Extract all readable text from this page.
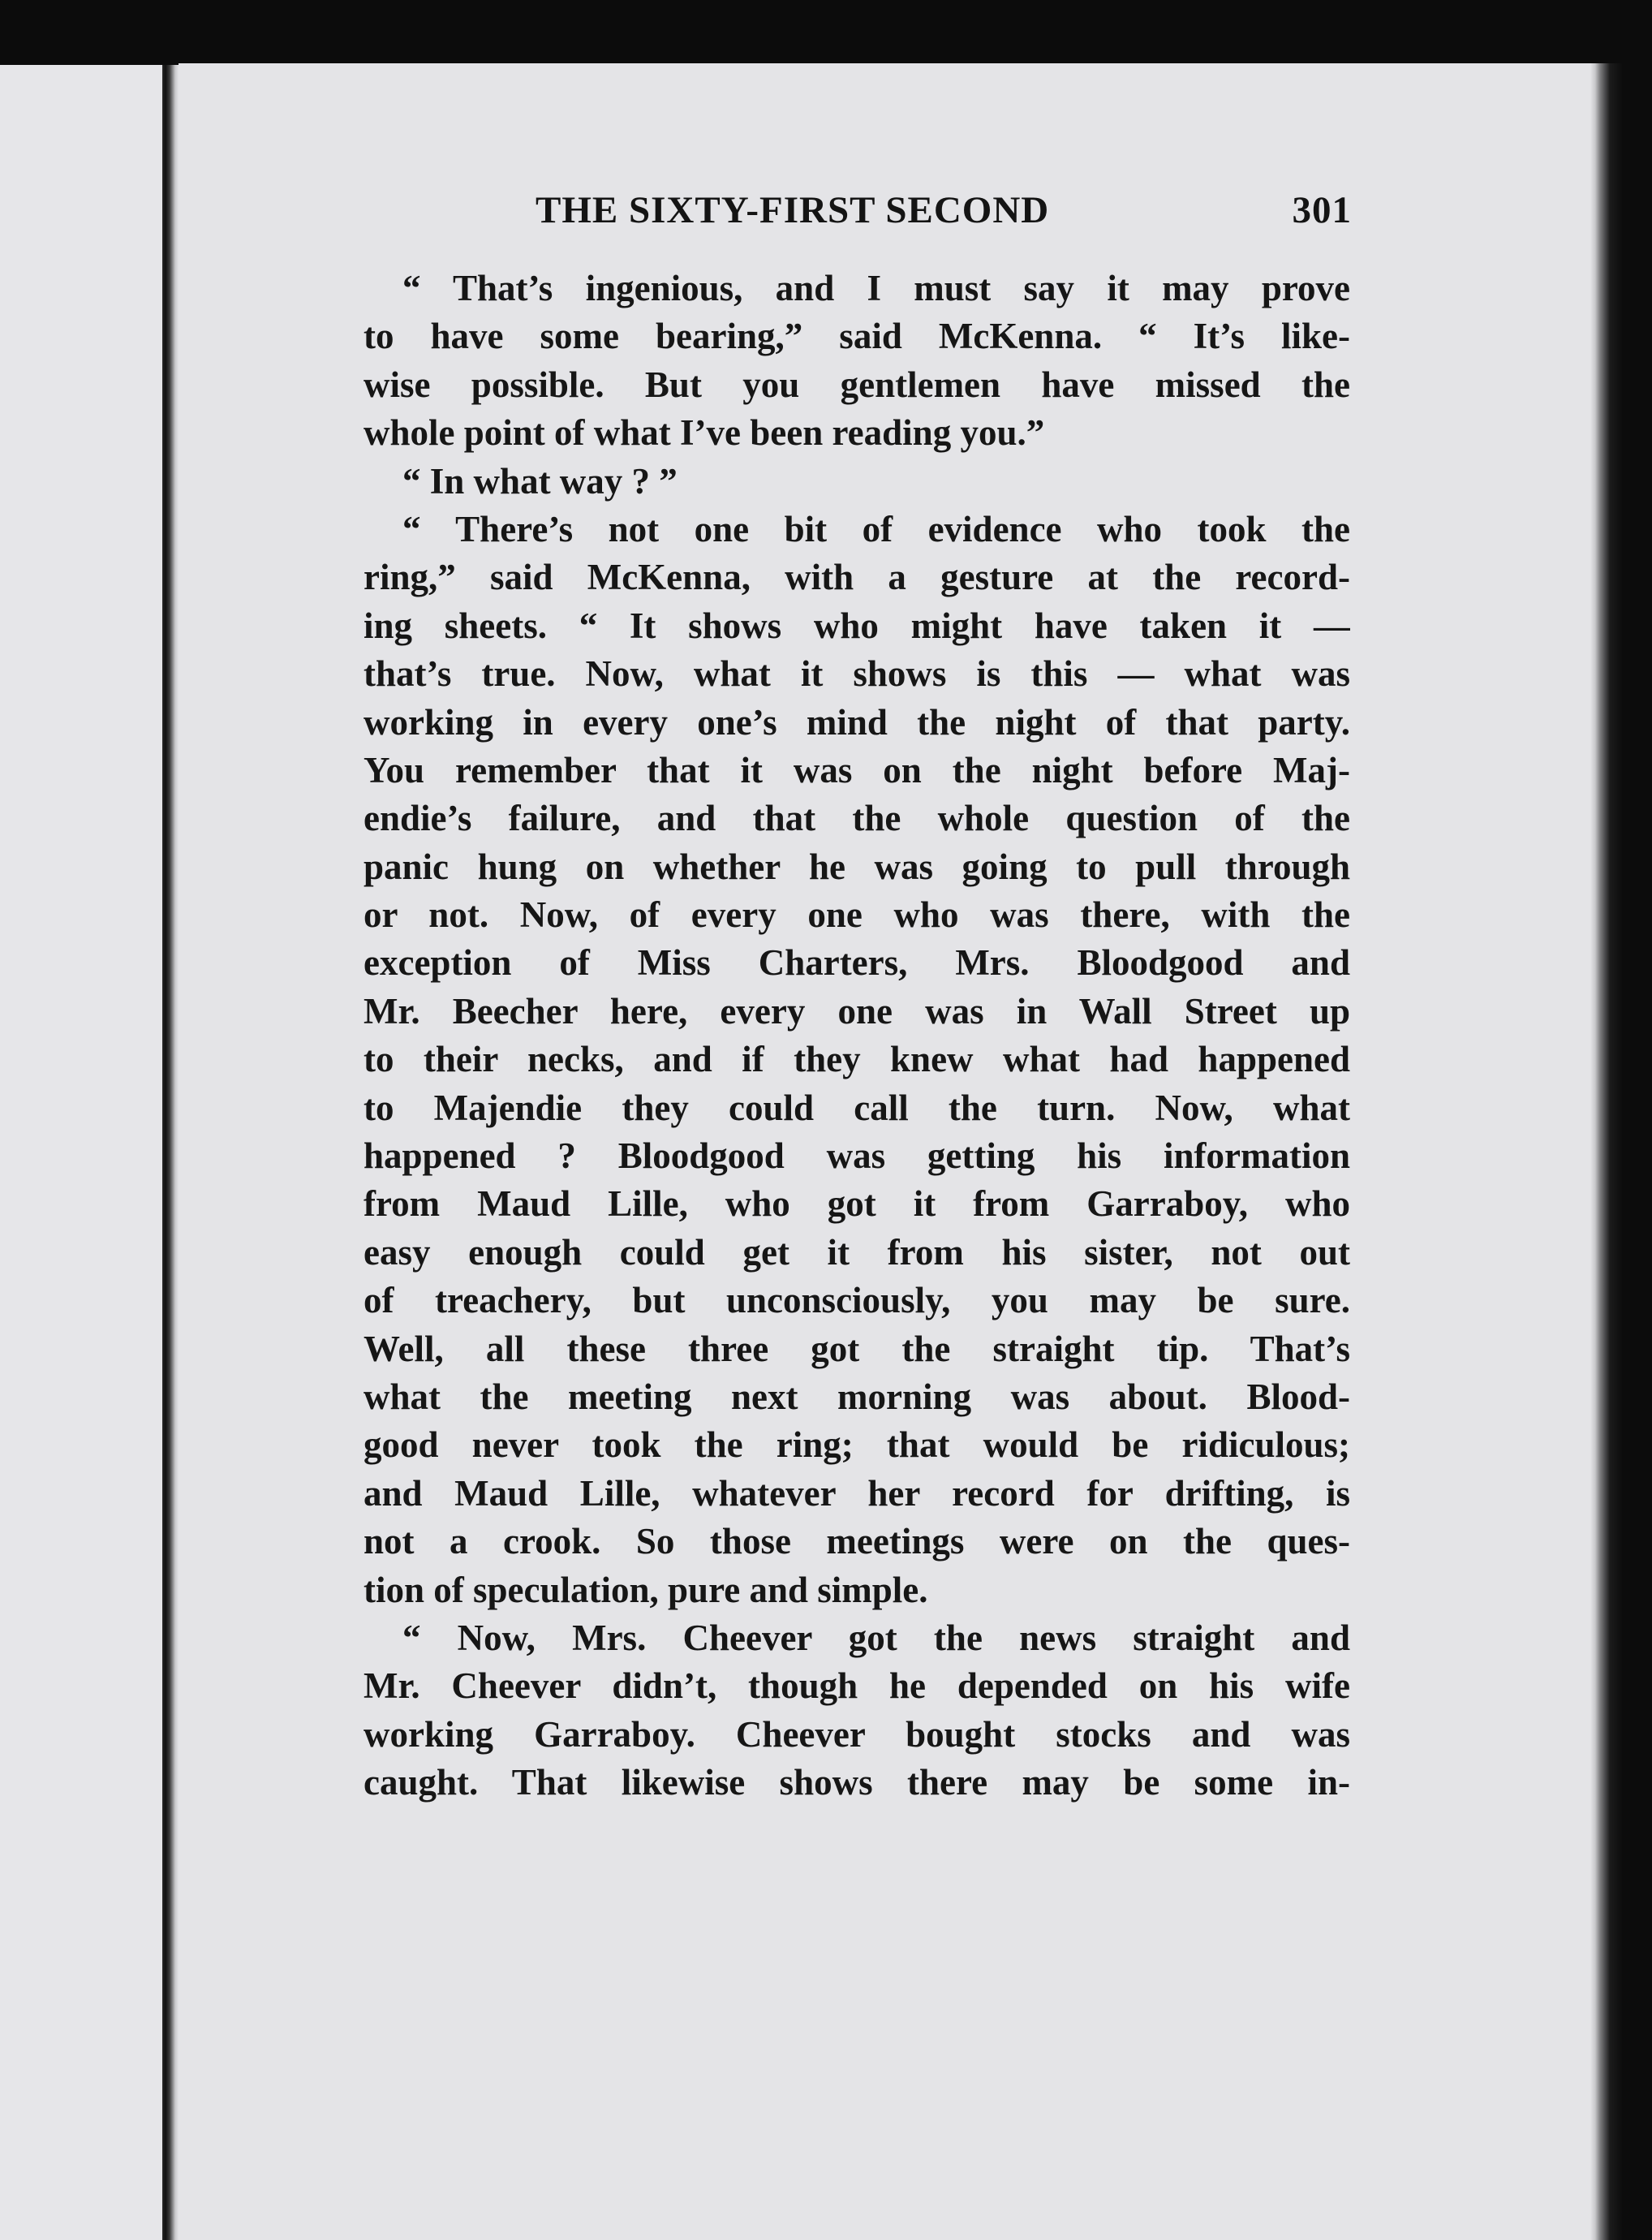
THE SIXTY-FIRST SECOND	301
“ That’s ingenious, and I must say it may prove
to have some bearing,” said McKenna. “ It’s like-
wise possible. But you gentlemen have missed the
whole point of what I’ve been reading you.”
“ In what way ? ”
“ There’s not one bit of evidence who took the
ring,” said McKenna, with a gesture at the record-
ing sheets. “ It shows who might have taken it —
that’s true. Now, what it shows is this — what was
working in every one’s mind the night of that party.
You remember that it was on the night before Maj-
endie’s failure, and that the whole question of the
panic hung on whether he was going to pull through
or not. Now, of every one who was there, with the
exception of Miss Charters, Mrs. Bloodgood and
Mr. Beecher here, every one was in Wall Street up
to their necks, and if they knew what had happened
to Majendie they could call the turn. Now, what
happened ? Bloodgood was getting his information
from Maud Lille, who got it from Garraboy, who
easy enough could get it from his sister, not out
of treachery, but unconsciously, you may be sure.
Well, all these three got the straight tip. That’s
what the meeting next morning was about. Blood-
good never took the ring; that would be ridiculous;
and Maud Lille, whatever her record for drifting, is
not a crook. So those meetings were on the ques-
tion of speculation, pure and simple.
“ Now, Mrs. Cheever got the news straight and
Mr. Cheever didn’t, though he depended on his wife
working Garraboy. Cheever bought stocks and was
caught. That likewise shows there may be some in-
